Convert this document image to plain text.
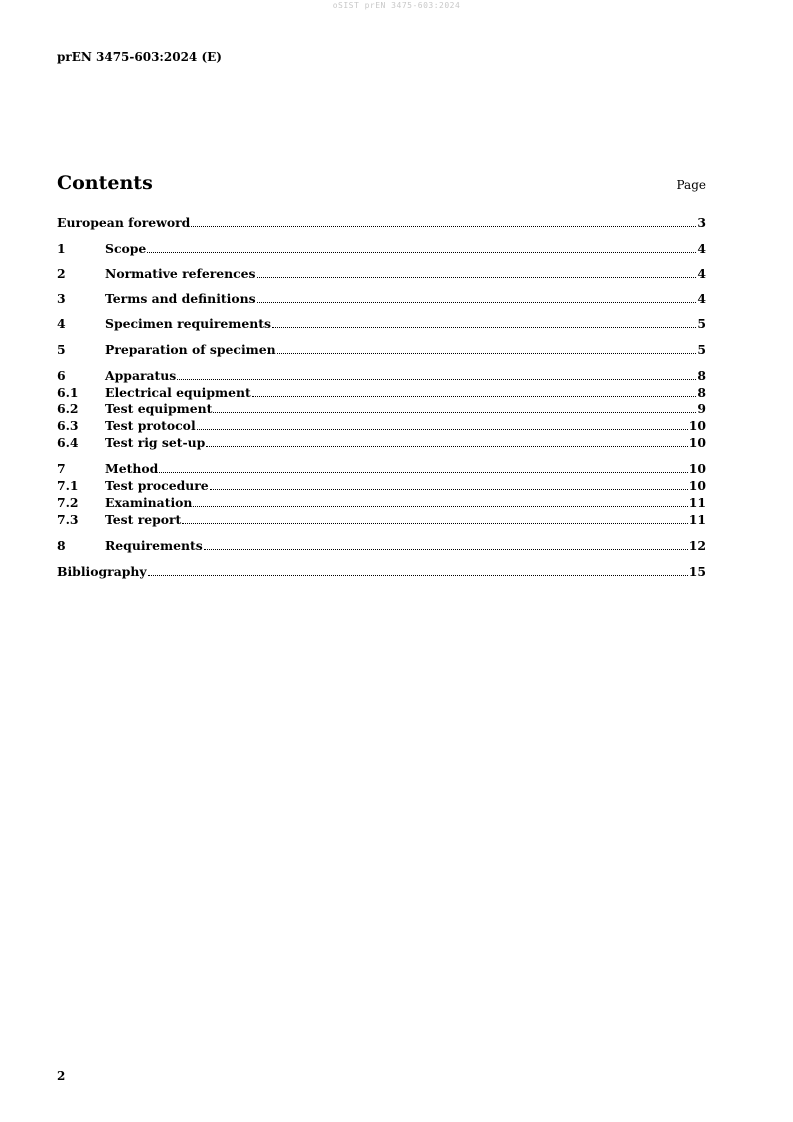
oSIST prEN 3475-603:2024
prEN 3475-603:2024 (E)
Contents	Page
European foreword	3
1	Scope	4
2	Normative references	4
3	Terms and definitions	4
4	Specimen requirements	5
5	Preparation of specimen	5
6	Apparatus	8
6.1	Electrical equipment	8
6.2	Test equipment	9
6.3	Test protocol	10
6.4	Test rig set-up	10
7	Method	10
7.1	Test procedure	10
7.2	Examination	11
7.3	Test report	11
8	Requirements	12
Bibliography	15
2
